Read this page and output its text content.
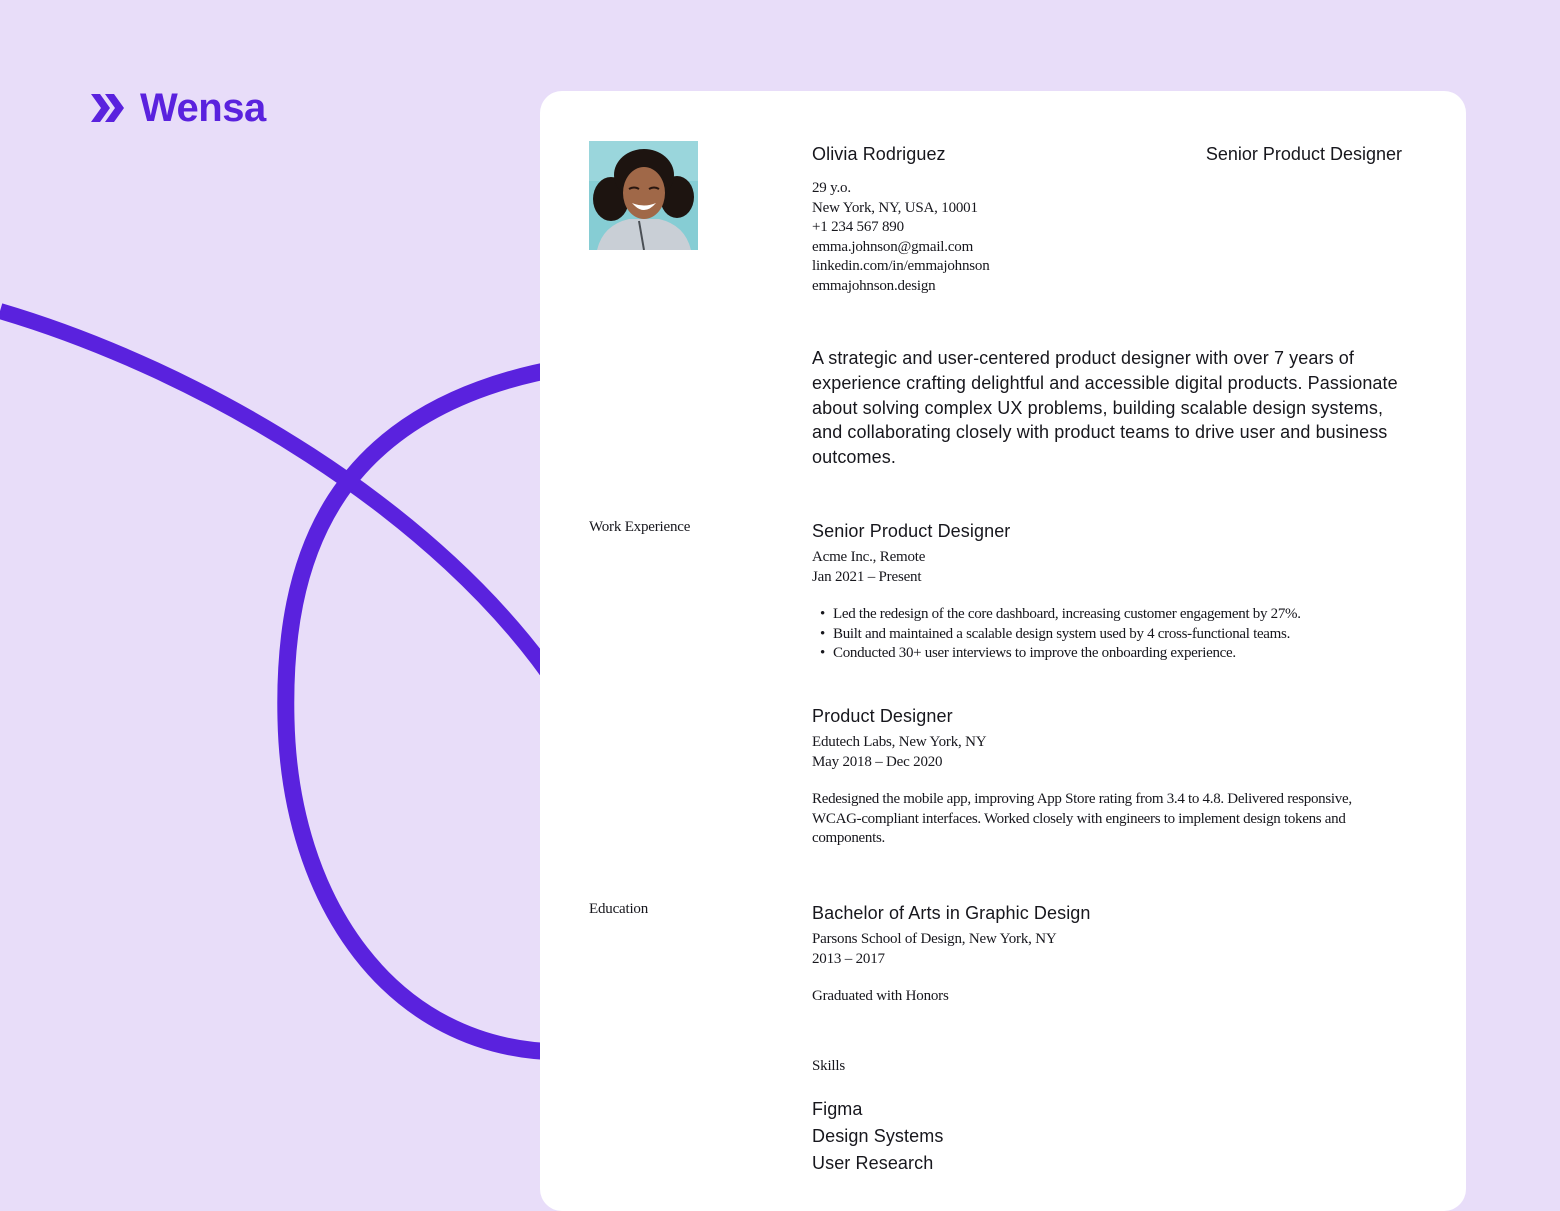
Wensa
Olivia Rodriguez	Senior Product Designer
29 y.o.
New York, NY, USA, 10001
+1 234 567 890
emma.johnson@gmail.com
linkedin.com/in/emmajohnson
emmajohnson.design
A strategic and user-centered product designer with over 7 years of experience crafting delightful and accessible digital products. Passionate about solving complex UX problems, building scalable design systems, and collaborating closely with product teams to drive user and business outcomes.
Work Experience	Senior Product Designer
Acme Inc., Remote
Jan 2021 – Present
• Led the redesign of the core dashboard, increasing customer engagement by 27%.
• Built and maintained a scalable design system used by 4 cross-functional teams.
• Conducted 30+ user interviews to improve the onboarding experience.
Product Designer
Edutech Labs, New York, NY
May 2018 – Dec 2020
Redesigned the mobile app, improving App Store rating from 3.4 to 4.8. Delivered responsive, WCAG-compliant interfaces. Worked closely with engineers to implement design tokens and components.
Education	Bachelor of Arts in Graphic Design
Parsons School of Design, New York, NY
2013 – 2017
Graduated with Honors
Skills
Figma
Design Systems
User Research
